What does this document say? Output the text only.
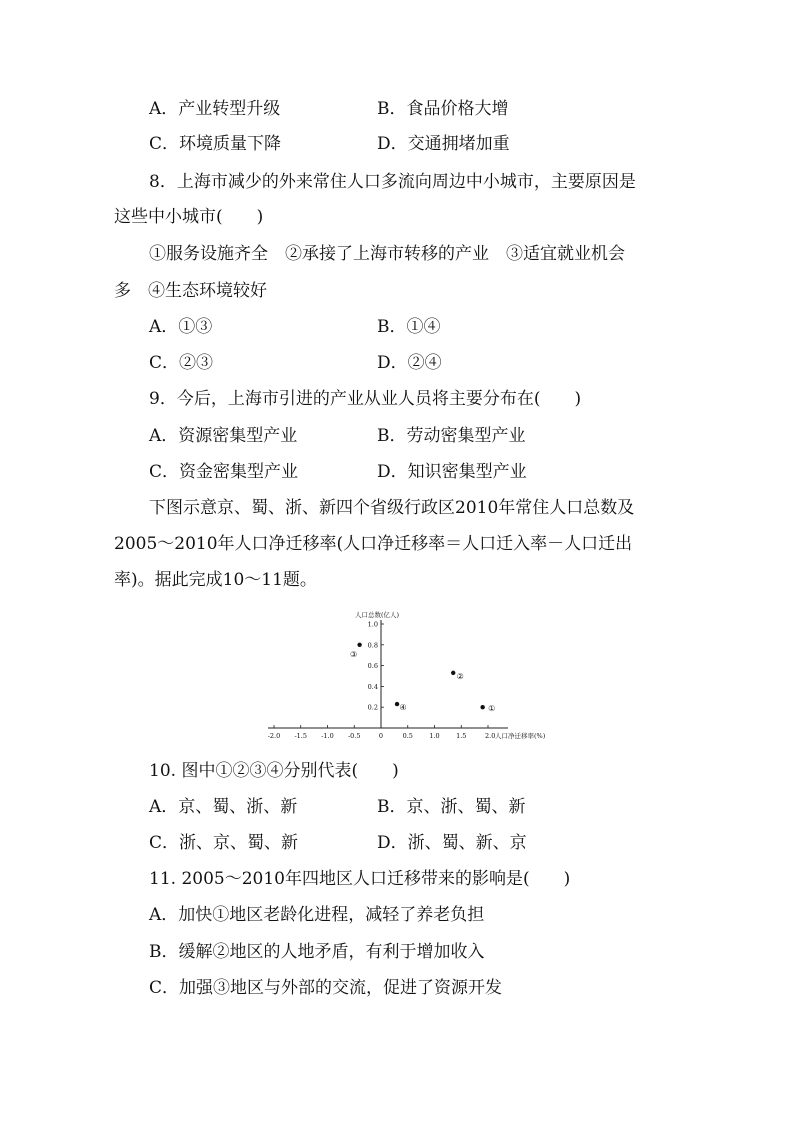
A．产业转型升级	B．食品价格大增
C．环境质量下降	D．交通拥堵加重
8．上海市减少的外来常住人口多流向周边中小城市，主要原因是
这些中小城市(　　)
①服务设施齐全　②承接了上海市转移的产业　③适宜就业机会
多　④生态环境较好
A．①③	B．①④
C．②③	D．②④
9．今后，上海市引进的产业从业人员将主要分布在(　　)
A．资源密集型产业	B．劳动密集型产业
C．资金密集型产业	D．知识密集型产业
下图示意京、蜀、浙、新四个省级行政区2010年常住人口总数及
2005～2010年人口净迁移率(人口净迁移率＝人口迁入率－人口迁出
率)。据此完成10～11题。
-2.0 -1.5 -1.0 -0.5	0	0.5	1.0	1.5	2.0 人口净迁移率(%)
0.2
0.4
0.6
0.8
1.0
人口总数(亿人)
①
②
③
④
10. 图中①②③④分别代表(　　)
A．京、蜀、浙、新	B．京、浙、蜀、新
C．浙、京、蜀、新	D．浙、蜀、新、京
11. 2005～2010年四地区人口迁移带来的影响是(　　)
A．加快①地区老龄化进程，减轻了养老负担
B．缓解②地区的人地矛盾，有利于增加收入
C．加强③地区与外部的交流，促进了资源开发
